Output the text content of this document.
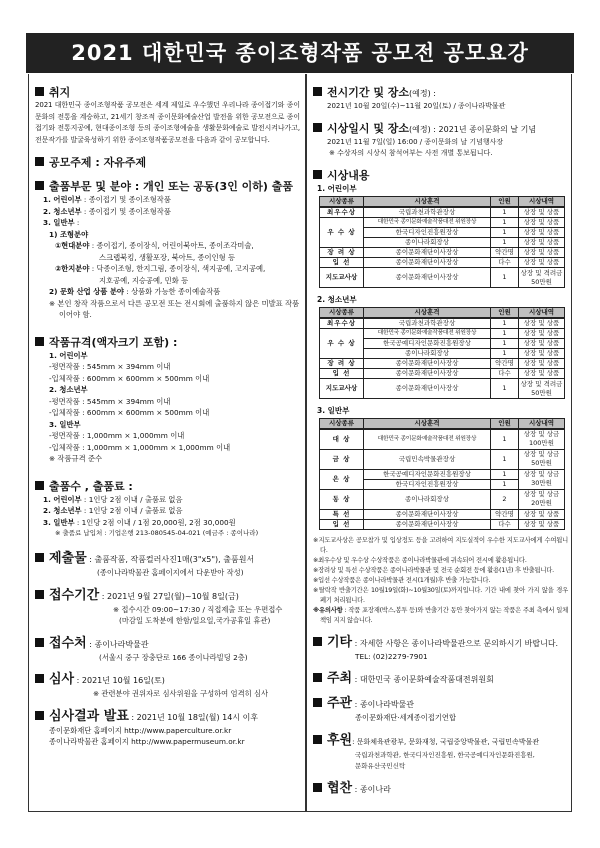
2021 대한민국 종이조형작품 공모전 공모요강
취지
2021 대한민국 종이조형작품 공모전은 세계 제일로 우수했던 우리나라 종이접기와 종이문화의 전통을 계승하고, 21세기 창조적 종이문화예술산업 발전을 위한 공모전으로 종이접기와 전통지공예, 현대종이조형 등의 종이조형예술을 생활문화예술로 발전시켜나가고, 전문작가를 발굴육성하기 위한 종이조형작품공모전을 다음과 같이 공모합니다.
공모주제 : 자유주제
출품부문 및 분야 : 개인 또는 공동(3인 이하) 출품
1. 어린이부 : 종이접기 및 종이조형작품
2. 청소년부 : 종이접기 및 종이조형작품
3. 일반부 :
1) 조형분야
①현대분야 : 종이접기, 종이장식, 어린이북아트, 종이조각미술,
스크랩북킹, 생활포장, 북아트, 종이인형 등
②한지분야 : 닥종이조형, 한지그림, 종이장식, 색지공예, 고지공예,
지호공예, 지승공예, 민화 등
2) 문화 산업 상품 분야 : 상품화 가능한 종이예술작품
※ 본인 창작 작품으로서 다른 공모전 또는 전시회에 출품하지 않은 미발표 작품이어야 함.
작품규격(액자크기 포함) :
1. 어린이부
-평면작품 : 545mm × 394mm 이내
-입체작품 : 600mm × 600mm × 500mm 이내
2. 청소년부
-평면작품 : 545mm × 394mm 이내
-입체작품 : 600mm × 600mm × 500mm 이내
3. 일반부
-평면작품 : 1,000mm × 1,000mm 이내
-입체작품 : 1,000mm × 1,000mm × 1,000mm 이내
※ 작품규격 준수
출품수 , 출품료 :
1. 어린이부 : 1인당 2점 이내 / 출품료 없음
2. 청소년부 : 1인당 2점 이내 / 출품료 없음
3. 일반부 : 1인당 2점 이내 / 1점 20,000원, 2점 30,000원
※ 출품료 납입처 : 기업은행 213-080545-04-021 (예금주 : 종이나라)
제출물 : 출품작품, 작품컬러사진1매(3"x5"), 출품원서
(종이나라박물관 홈페이지에서 다운받아 작성)
접수기간 : 2021년 9월 27일(월)~10월 8일(금)
※ 접수시간 09:00~17:30 / 직접제출 또는 우편접수
(마감일 도착분에 한함/일요일,국가공휴일 휴관)
접수처 : 종이나라박물관
(서울시 중구 장충단로 166 종이나라빌딩 2층)
심사 : 2021년 10월 16일(토)
※ 관련분야 권위자로 심사위원을 구성하여 엄격히 심사
심사결과 발표 : 2021년 10월 18일(월) 14시 이후
종이문화재단 홈페이지 http://www.paperculture.or.kr
종이나라박물관 홈페이지 http://www.papermuseum.or.kr
전시기간 및 장소(예정) :
2021년 10월 20일(수)~11월 20일(토) / 종이나라박물관
시상일시 및 장소(예정) : 2021년 종이문화의 날 기념
2021년 11월 7일(일) 16:00 / 종이문화의 날 기념행사장
※ 수상자의 시상식 참석여부는 사전 개별 통보됩니다.
시상내용
1. 어린이부
시상종류	시상훈격	인원	시상내역
최우수상	국립과천과학관장상	1	상장 및 상품
우 수 상	대한민국 종이문화예술작품대전 위원장상	1	상장 및 상품
	한국디자인진흥원장상	1	상장 및 상품
	종이나라회장상	1	상장 및 상품
장 려 상	종이문화재단이사장상	약간명	상장 및 상품
입 선	종이문화재단이사장상	다수	상장 및 상품
지도교사상	종이문화재단이사장상	1	상장 및 격려금 50만원
2. 청소년부
시상종류	시상훈격	인원	시상내역
최우수상	국립과천과학관장상	1	상장 및 상품
우 수 상	대한민국 종이문화예술작품대전 위원장상	1	상장 및 상품
	한국공예디자인문화진흥원장상	1	상장 및 상품
	종이나라회장상	1	상장 및 상품
장 려 상	종이문화재단이사장상	약간명	상장 및 상품
입 선	종이문화재단이사장상	다수	상장 및 상품
지도교사상	종이문화재단이사장상	1	상장 및 격려금50만원
3. 일반부
시상종류	시상훈격	인원	시상내역
대 상	대한민국 종이문화예술작품대전 위원장상	1	상장 및 상금 100만원
금 상	국립민속박물관장상	1	상장 및 상금 50만원
은 상	한국공예디자인문화진흥원장상	1	상장 및 상금 30만원
	한국디자인진흥원장상	1	
동 상	종이나라회장상	2	상장 및 상금 20만원
특 선	종이문화재단이사장상	약간명	상장 및 상품
입 선	종이문화재단이사장상	다수	상장 및 상품

※지도교사상은 공모참가 및 입상정도 등을 고려하여 지도실적이 우수한 지도교사에게 수여됩니다.

※최우수상 및 우수상 수상작품은 종이나라박물관에 귀속되어 전시에 활용됩니다.

※장려상 및 특선 수상작품은 종이나라박물관 및 전국 순회전 등에 활용(1년) 후 반출됩니다.

※입선 수상작품은 종이나라박물관 전시(1개월)후 반출 가능합니다.

※탈락작 반출기간은 10월19일(화)~10월30일(토)까지입니다. 기간 내에 찾아 가지 않을 경우 폐기 처리됩니다.

※유의사항 : 작품 포장재(박스,봉투 등)와 반출기간 동안 찾아가지 않는 작품은 주최 측에서 일체 책임 지지 않습니다.

기타 : 자세한 사항은 종이나라박물관으로 문의하시기 바랍니다.
TEL: (02)2279-7901
주최 : 대한민국 종이문화예술작품대전위원회
주관 : 종이나라박물관
종이문화재단·세계종이접기연합
후원: 문화체육관광부, 문화재청, 국립중앙박물관, 국립민속박물관
국립과천과학관, 한국디자인진흥원, 한국공예디자인문화진흥원,
문화유산국민신탁
협찬 : 종이나라
